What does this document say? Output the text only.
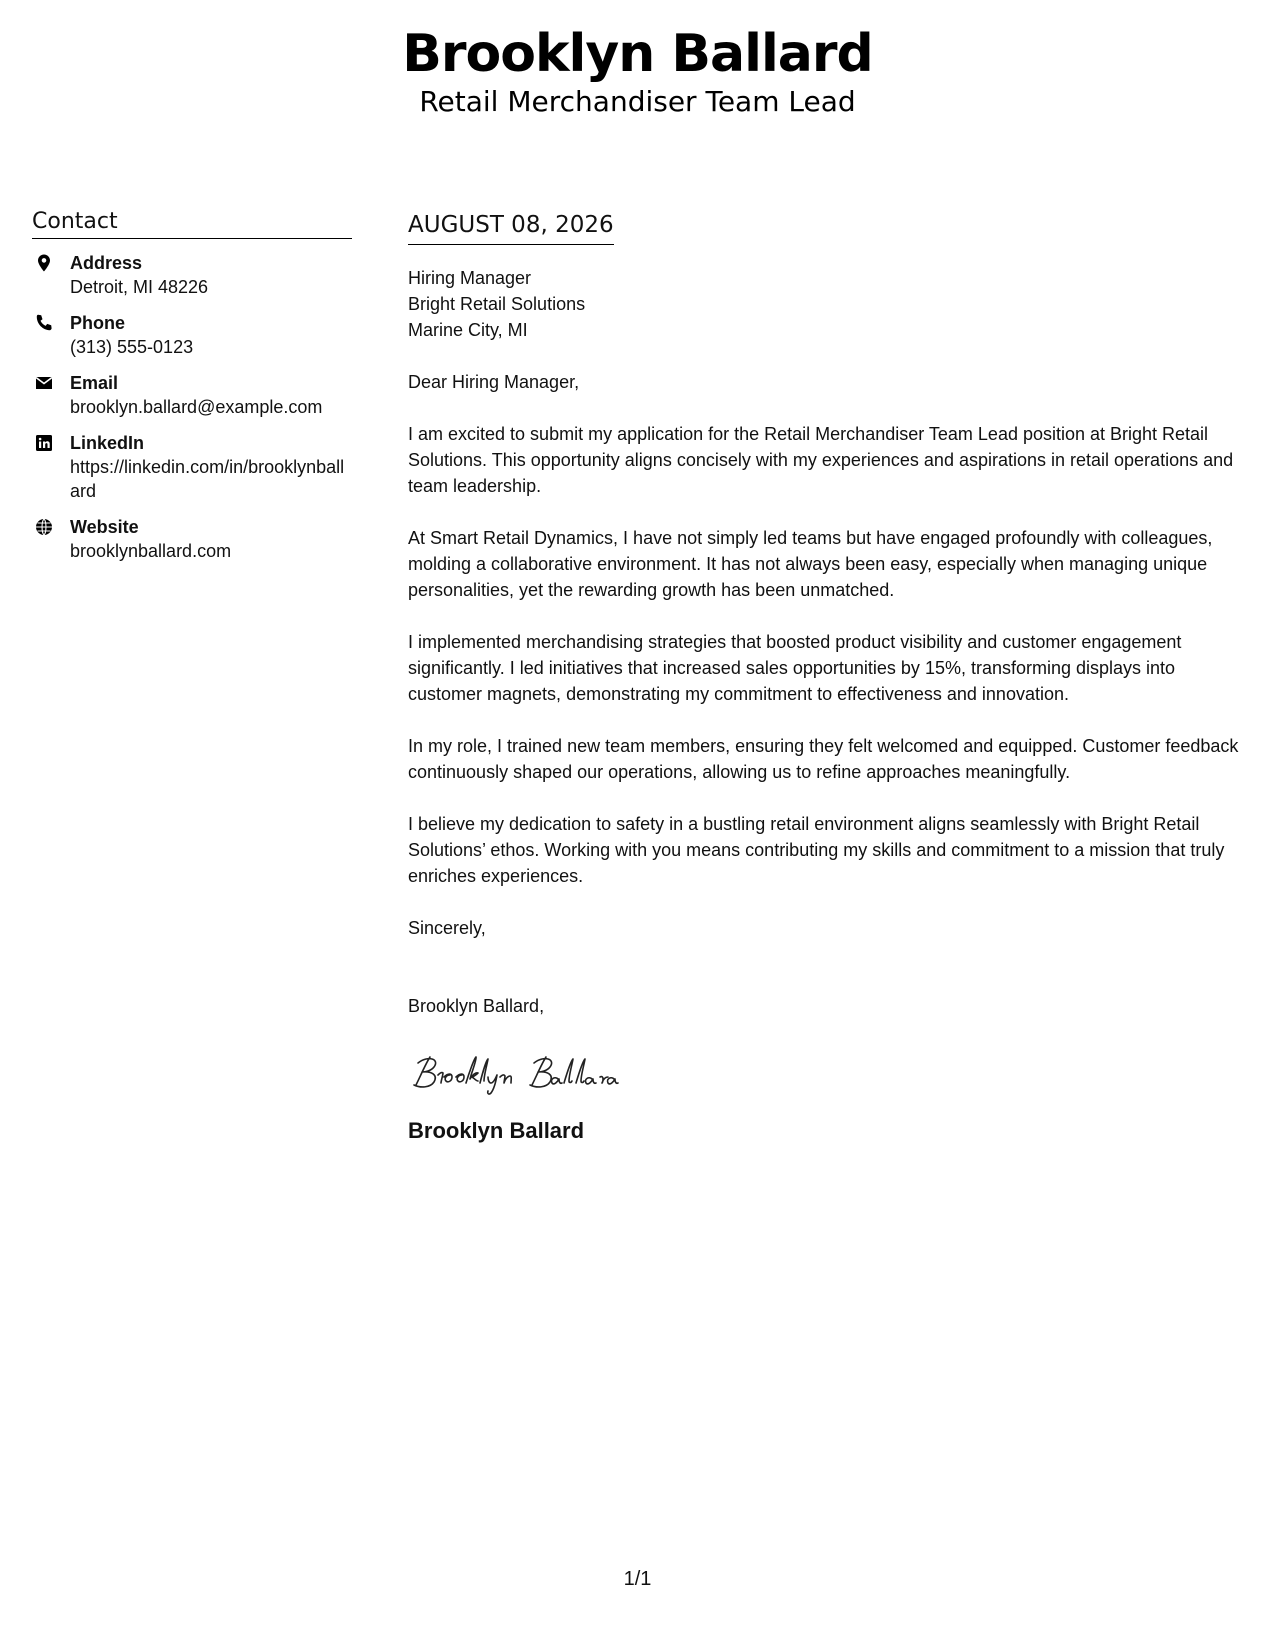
Brooklyn Ballard
Retail Merchandiser Team Lead
Contact
Address
Detroit, MI 48226
Phone
(313) 555-0123
Email
brooklyn.ballard@example.com
LinkedIn
https://linkedin.com/in/brooklynballard
Website
brooklynballard.com
AUGUST 08, 2026
Hiring Manager
Bright Retail Solutions
Marine City, MI
Dear Hiring Manager,

I am excited to submit my application for the Retail Merchandiser Team Lead position at Bright Retail Solutions. This opportunity aligns concisely with my experiences and aspirations in retail operations and team leadership.

At Smart Retail Dynamics, I have not simply led teams but have engaged profoundly with colleagues, molding a collaborative environment. It has not always been easy, especially when managing unique personalities, yet the rewarding growth has been unmatched.

I implemented merchandising strategies that boosted product visibility and customer engagement significantly. I led initiatives that increased sales opportunities by 15%, transforming displays into customer magnets, demonstrating my commitment to effectiveness and innovation.

In my role, I trained new team members, ensuring they felt welcomed and equipped. Customer feedback continuously shaped our operations, allowing us to refine approaches meaningfully.

I believe my dedication to safety in a bustling retail environment aligns seamlessly with Bright Retail Solutions’ ethos. Working with you means contributing my skills and commitment to a mission that truly enriches experiences.

Sincerely,
Brooklyn Ballard,
Brooklyn Ballard
1/1
